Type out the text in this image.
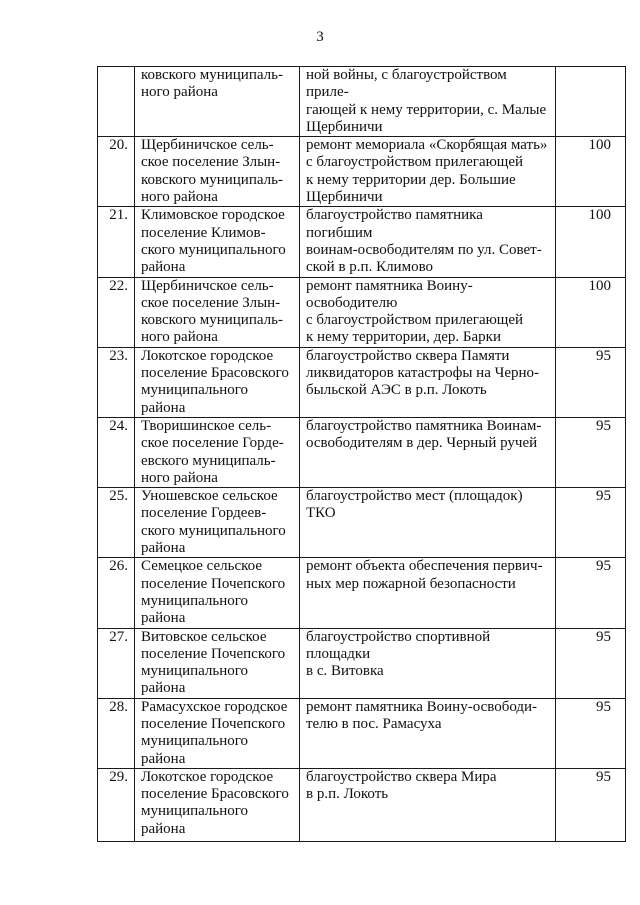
3
	ковского муниципаль-
ного района	ной войны, с благоустройством приле-
гающей к нему территории, с. Малые
Щербиничи	
20.	Щербиничское сель-
ское поселение Злын-
ковского муниципаль-
ного района	ремонт мемориала «Скорбящая мать»
с благоустройством прилегающей
к нему территории дер. Большие
Щербиничи	100
21.	Климовское городское
поселение Климов-
ского муниципального
района	благоустройство памятника погибшим
воинам-освободителям по ул. Совет-
ской в р.п. Климово	100
22.	Щербиничское сель-
ское поселение Злын-
ковского муниципаль-
ного района	ремонт памятника Воину-освободителю
с благоустройством прилегающей
к нему территории, дер. Барки	100
23.	Локотское городское
поселение Брасовского
муниципального
района	благоустройство сквера Памяти
ликвидаторов катастрофы на Черно-
быльской АЭС в р.п. Локоть	95
24.	Творишинское сель-
ское поселение Горде-
евского муниципаль-
ного района	благоустройство памятника Воинам-
освободителям в дер. Черный ручей	95
25.	Уношевское сельское
поселение Гордеев-
ского муниципального
района	благоустройство мест (площадок) ТКО	95
26.	Семецкое сельское
поселение Почепского
муниципального
района	ремонт объекта обеспечения первич-
ных мер пожарной безопасности	95
27.	Витовское сельское
поселение Почепского
муниципального
района	благоустройство спортивной площадки
в с. Витовка	95
28.	Рамасухское городское
поселение Почепского
муниципального
района	ремонт памятника Воину-освободи-
телю в пос. Рамасуха	95
29.	Локотское городское
поселение Брасовского
муниципального
района	благоустройство сквера Мира
в р.п. Локоть	95
